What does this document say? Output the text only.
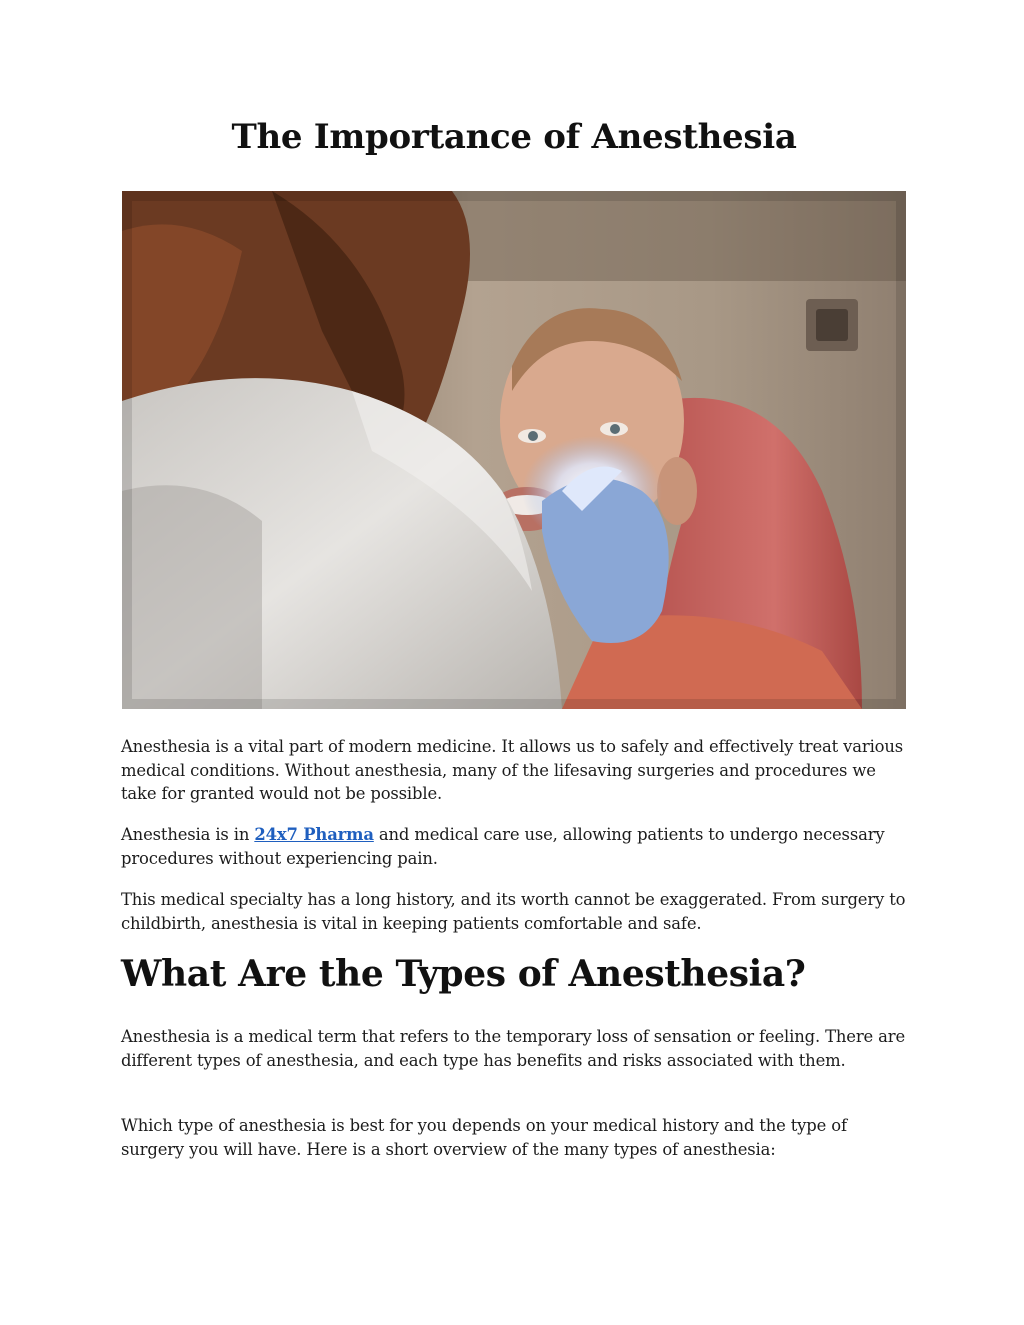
The Importance of Anesthesia

Anesthesia is a vital part of modern medicine. It allows us to safely and effectively treat various medical conditions. Without anesthesia, many of the lifesaving surgeries and procedures we take for granted would not be possible.

Anesthesia is in 24x7 Pharma and medical care use, allowing patients to undergo necessary procedures without experiencing pain.

This medical specialty has a long history, and its worth cannot be exaggerated. From surgery to childbirth, anesthesia is vital in keeping patients comfortable and safe.

What Are the Types of Anesthesia?

Anesthesia is a medical term that refers to the temporary loss of sensation or feeling. There are different types of anesthesia, and each type has benefits and risks associated with them.

Which type of anesthesia is best for you depends on your medical history and the type of surgery you will have. Here is a short overview of the many types of anesthesia:
